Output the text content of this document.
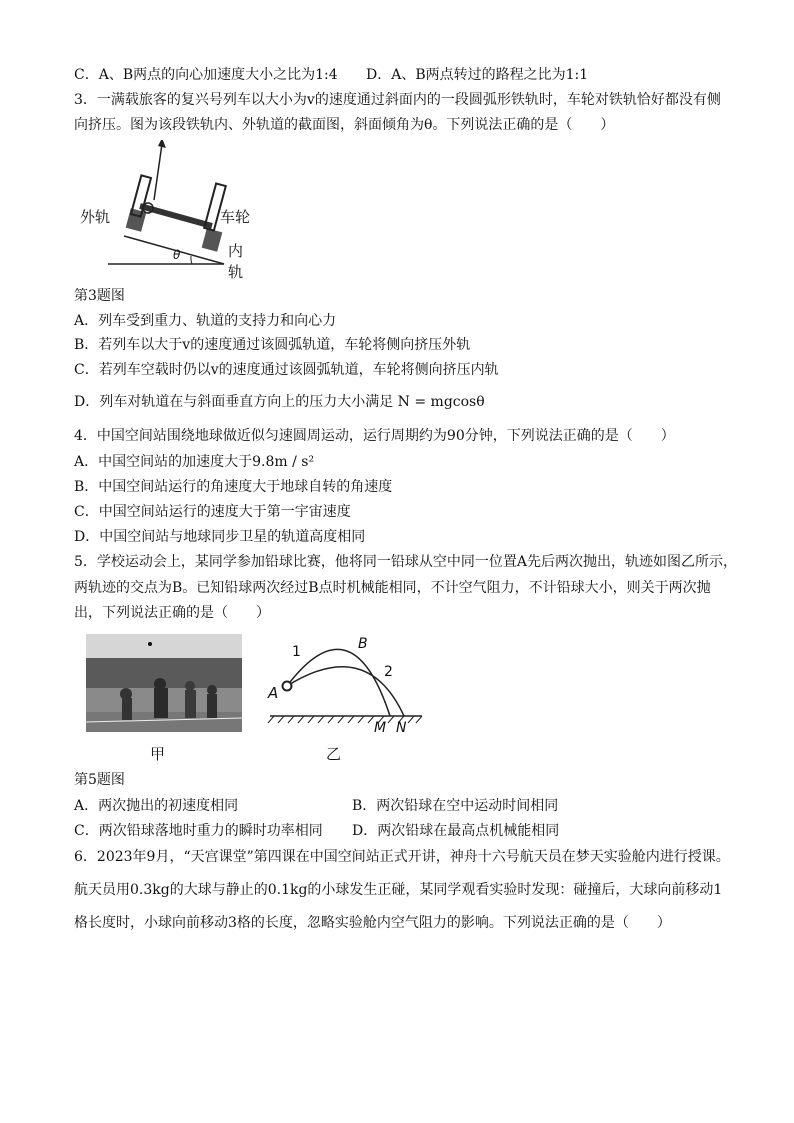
C．A、B两点的向心加速度大小之比为1:4 D．A、B两点转过的路程之比为1:1
3．一满载旅客的复兴号列车以大小为v的速度通过斜面内的一段圆弧形铁轨时，车轮对铁轨恰好都没有侧
向挤压。图为该段铁轨内、外轨道的截面图，斜面倾角为θ。下列说法正确的是（　　）
外轨	车轮
内轨
θ
第3题图
A．列车受到重力、轨道的支持力和向心力
B．若列车以大于v的速度通过该圆弧轨道，车轮将侧向挤压外轨
C．若列车空载时仍以v的速度通过该圆弧轨道，车轮将侧向挤压内轨
D．列车对轨道在与斜面垂直方向上的压力大小满足 N = mgcosθ
4．中国空间站围绕地球做近似匀速圆周运动，运行周期约为90分钟，下列说法正确的是（　　）
A．中国空间站的加速度大于9.8m / s²
B．中国空间站运行的角速度大于地球自转的角速度
C．中国空间站运行的速度大于第一宇宙速度
D．中国空间站与地球同步卫星的轨道高度相同
5．学校运动会上，某同学参加铅球比赛，他将同一铅球从空中同一位置A先后两次抛出，轨迹如图乙所示，
两轨迹的交点为B。已知铅球两次经过B点时机械能相同，不计空气阻力，不计铅球大小，则关于两次抛
出，下列说法正确的是（　　）
甲
A
B
1
2
M N
乙
第5题图
A．两次抛出的初速度相同	B．两次铅球在空中运动时间相同
C．两次铅球落地时重力的瞬时功率相同 D．两次铅球在最高点机械能相同
6．2023年9月，“天宫课堂”第四课在中国空间站正式开讲，神舟十六号航天员在梦天实验舱内进行授课。
航天员用0.3kg的大球与静止的0.1kg的小球发生正碰，某同学观看实验时发现：碰撞后，大球向前移动1
格长度时，小球向前移动3格的长度，忽略实验舱内空气阻力的影响。下列说法正确的是（　　）
